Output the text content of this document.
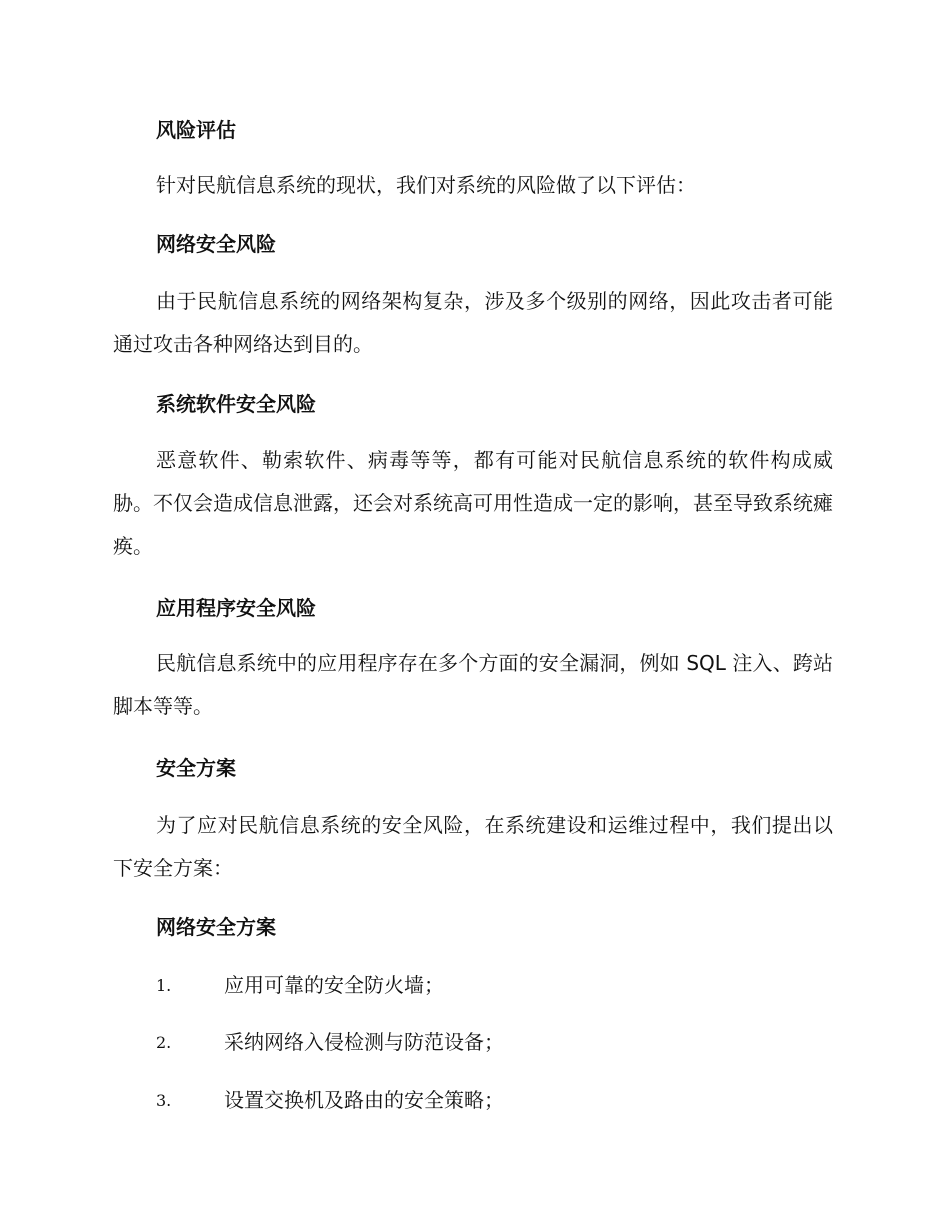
风险评估
针对民航信息系统的现状，我们对系统的风险做了以下评估：
网络安全风险
由于民航信息系统的网络架构复杂，涉及多个级别的网络，因此攻击者可能通过攻击各种网络达到目的。
系统软件安全风险
恶意软件、勒索软件、病毒等等，都有可能对民航信息系统的软件构成威胁。不仅会造成信息泄露，还会对系统高可用性造成一定的影响，甚至导致系统瘫痪。
应用程序安全风险
民航信息系统中的应用程序存在多个方面的安全漏洞，例如 SQL 注入、跨站脚本等等。
安全方案
为了应对民航信息系统的安全风险，在系统建设和运维过程中，我们提出以下安全方案：
网络安全方案
1.	应用可靠的安全防火墙；
2.	采纳网络入侵检测与防范设备；
3.	设置交换机及路由的安全策略；
